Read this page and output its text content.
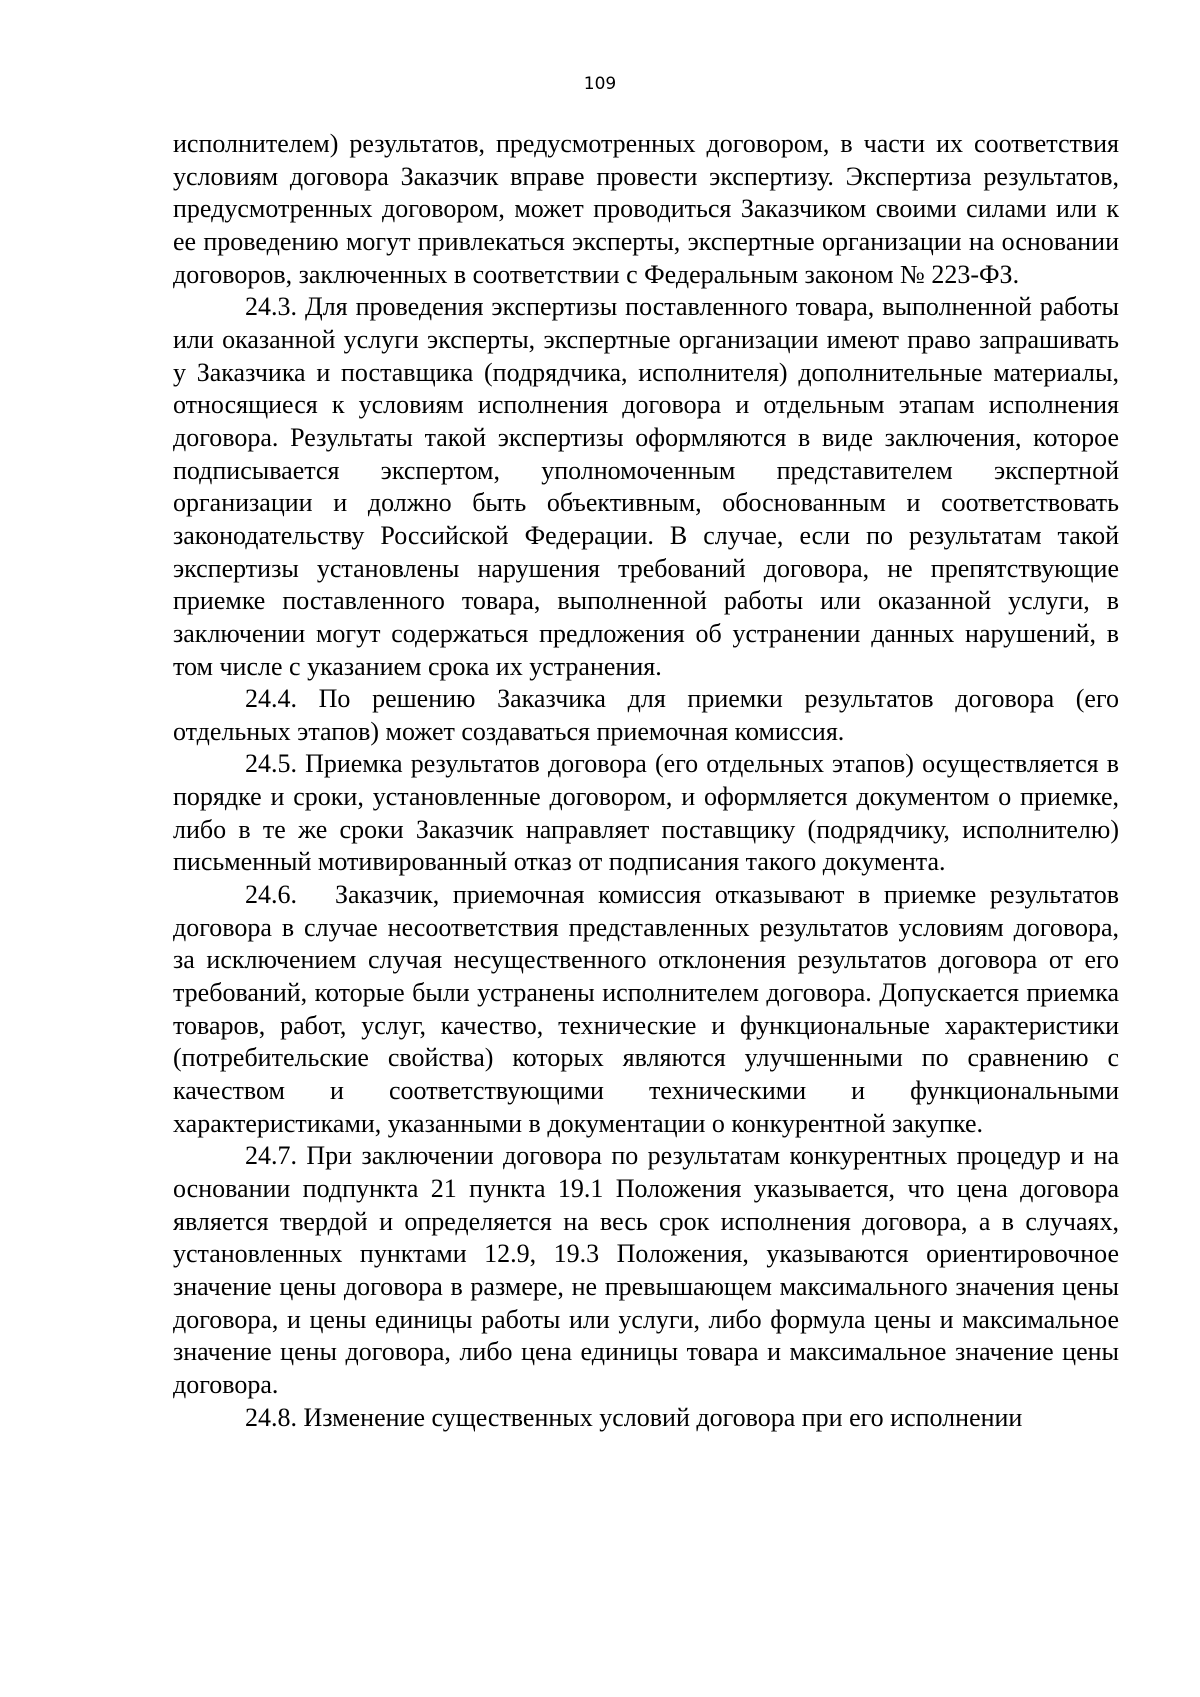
109

исполнителем) результатов, предусмотренных договором, в части их соответствия условиям договора Заказчик вправе провести экспертизу. Экспертиза результатов, предусмотренных договором, может проводиться Заказчиком своими силами или к ее проведению могут привлекаться эксперты, экспертные организации на основании договоров, заключенных в соответствии с Федеральным законом № 223-ФЗ.

24.3. Для проведения экспертизы поставленного товара, выполненной работы или оказанной услуги эксперты, экспертные организации имеют право запрашивать у Заказчика и поставщика (подрядчика, исполнителя) дополнительные материалы, относящиеся к условиям исполнения договора и отдельным этапам исполнения договора. Результаты такой экспертизы оформляются в виде заключения, которое подписывается экспертом, уполномоченным представителем экспертной организации и должно быть объективным, обоснованным и соответствовать законодательству Российской Федерации. В случае, если по результатам такой экспертизы установлены нарушения требований договора, не препятствующие приемке поставленного товара, выполненной работы или оказанной услуги, в заключении могут содержаться предложения об устранении данных нарушений, в том числе с указанием срока их устранения.

24.4. По решению Заказчика для приемки результатов договора (его отдельных этапов) может создаваться приемочная комиссия.

24.5. Приемка результатов договора (его отдельных этапов) осуществляется в порядке и сроки, установленные договором, и оформляется документом о приемке, либо в те же сроки Заказчик направляет поставщику (подрядчику, исполнителю) письменный мотивированный отказ от подписания такого документа.

24.6. Заказчик, приемочная комиссия отказывают в приемке результатов договора в случае несоответствия представленных результатов условиям договора, за исключением случая несущественного отклонения результатов договора от его требований, которые были устранены исполнителем договора. Допускается приемка товаров, работ, услуг, качество, технические и функциональные характеристики (потребительские свойства) которых являются улучшенными по сравнению с качеством и соответствующими техническими и функциональными характеристиками, указанными в документации о конкурентной закупке.

24.7. При заключении договора по результатам конкурентных процедур и на основании подпункта 21 пункта 19.1 Положения указывается, что цена договора является твердой и определяется на весь срок исполнения договора, а в случаях, установленных пунктами 12.9, 19.3 Положения, указываются ориентировочное значение цены договора в размере, не превышающем максимального значения цены договора, и цены единицы работы или услуги, либо формула цены и максимальное значение цены договора, либо цена единицы товара и максимальное значение цены договора.

24.8. Изменение существенных условий договора при его исполнении
